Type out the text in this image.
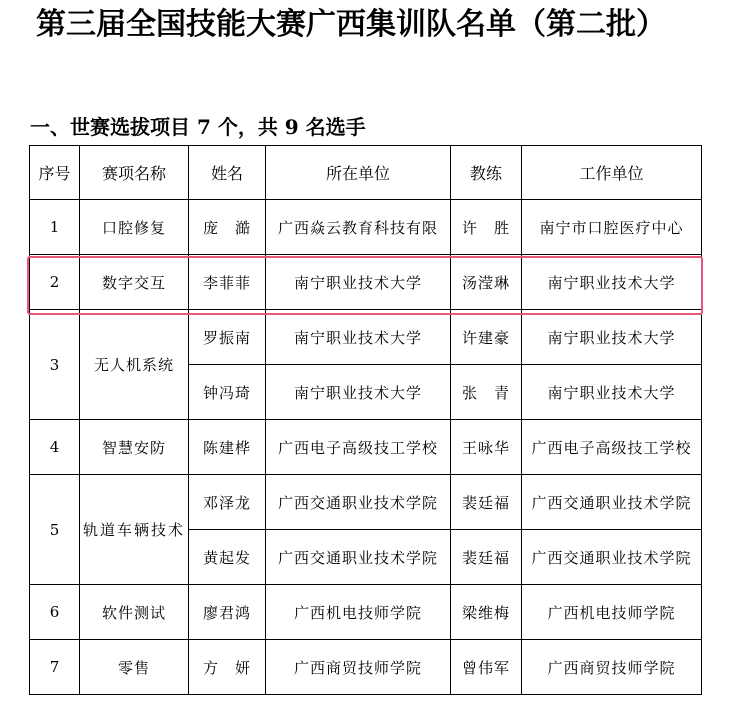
第三届全国技能大赛广西集训队名单（第二批）
一、世赛选拔项目 7 个，共 9 名选手
序号	赛项名称	姓名	所在单位	教练	工作单位
1	口腔修复	庞　澔	广西焱云教育科技有限	许　胜	南宁市口腔医疗中心
2	数字交互	李菲菲	南宁职业技术大学	汤滢琳	南宁职业技术大学
3	无人机系统	罗振南	南宁职业技术大学	许建豪	南宁职业技术大学
		钟冯琦	南宁职业技术大学	张　青	南宁职业技术大学
4	智慧安防	陈建桦	广西电子高级技工学校	王咏华	广西电子高级技工学校
5	轨道车辆技术	邓泽龙	广西交通职业技术学院	裴廷福	广西交通职业技术学院
		黄起发	广西交通职业技术学院	裴廷福	广西交通职业技术学院
6	软件测试	廖君鸿	广西机电技师学院	梁维梅	广西机电技师学院
7	零售	方　妍	广西商贸技师学院	曾伟军	广西商贸技师学院
